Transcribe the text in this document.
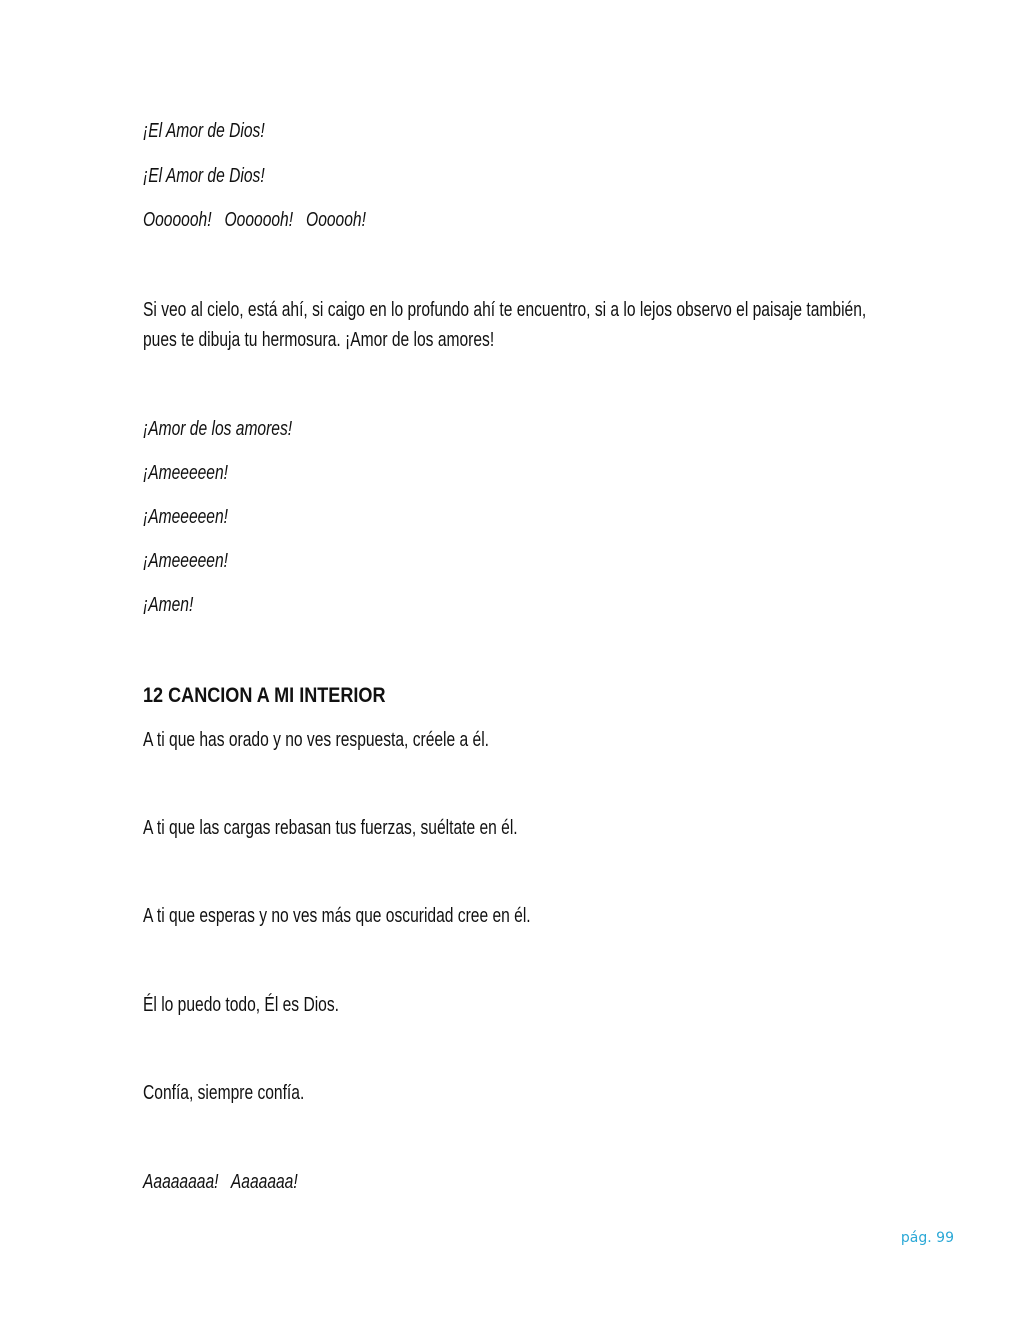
¡El Amor de Dios!
¡El Amor de Dios!
Ooooooh!   Ooooooh!   Oooooh!
Si veo al cielo, está ahí, si caigo en lo profundo ahí te encuentro, si a lo lejos observo el paisaje también,
pues te dibuja tu hermosura. ¡Amor de los amores!
¡Amor de los amores!
¡Ameeeeen!
¡Ameeeeen!
¡Ameeeeen!
¡Amen!
12 CANCION A MI INTERIOR
A ti que has orado y no ves respuesta, créele a él.
A ti que las cargas rebasan tus fuerzas, suéltate en él.
A ti que esperas y no ves más que oscuridad cree en él.
Él lo puedo todo, Él es Dios.
Confía, siempre confía.
Aaaaaaaa!   Aaaaaaa!
pág. 99
